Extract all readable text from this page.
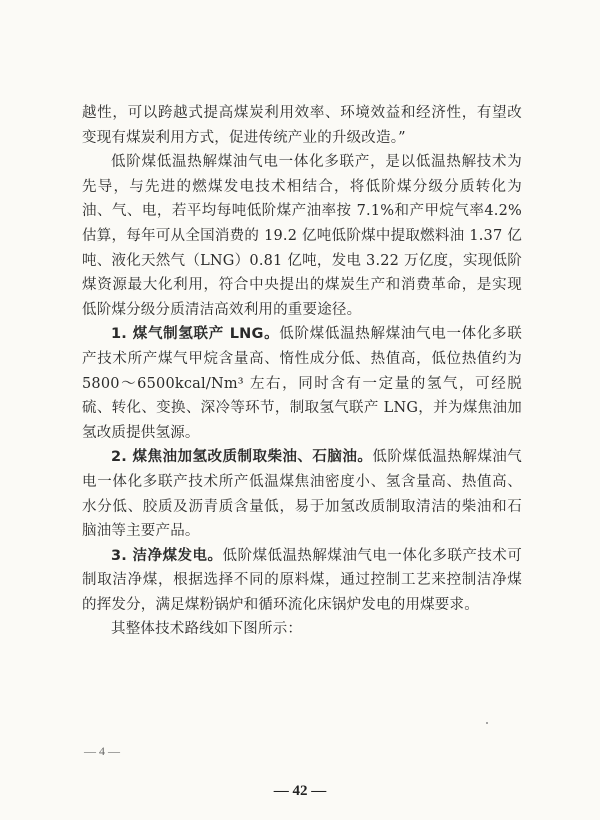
越性，可以跨越式提高煤炭利用效率、环境效益和经济性，有望改变现有煤炭利用方式，促进传统产业的升级改造。”

低阶煤低温热解煤油气电一体化多联产，是以低温热解技术为先导，与先进的燃煤发电技术相结合，将低阶煤分级分质转化为油、气、电，若平均每吨低阶煤产油率按 7.1%和产甲烷气率4.2%估算，每年可从全国消费的 19.2 亿吨低阶煤中提取燃料油 1.37 亿吨、液化天然气（LNG）0.81 亿吨，发电 3.22 万亿度，实现低阶煤资源最大化利用，符合中央提出的煤炭生产和消费革命，是实现低阶煤分级分质清洁高效利用的重要途径。

1. 煤气制氢联产 LNG。低阶煤低温热解煤油气电一体化多联产技术所产煤气甲烷含量高、惰性成分低、热值高，低位热值约为 5800～6500kcal/Nm³ 左右，同时含有一定量的氢气，可经脱硫、转化、变换、深冷等环节，制取氢气联产 LNG，并为煤焦油加氢改质提供氢源。

2. 煤焦油加氢改质制取柴油、石脑油。低阶煤低温热解煤油气电一体化多联产技术所产低温煤焦油密度小、氢含量高、热值高、水分低、胶质及沥青质含量低，易于加氢改质制取清洁的柴油和石脑油等主要产品。

3. 洁净煤发电。低阶煤低温热解煤油气电一体化多联产技术可制取洁净煤，根据选择不同的原料煤，通过控制工艺来控制洁净煤的挥发分，满足煤粉锅炉和循环流化床锅炉发电的用煤要求。

其整体技术路线如下图所示：

— 4 —
— 42 —
